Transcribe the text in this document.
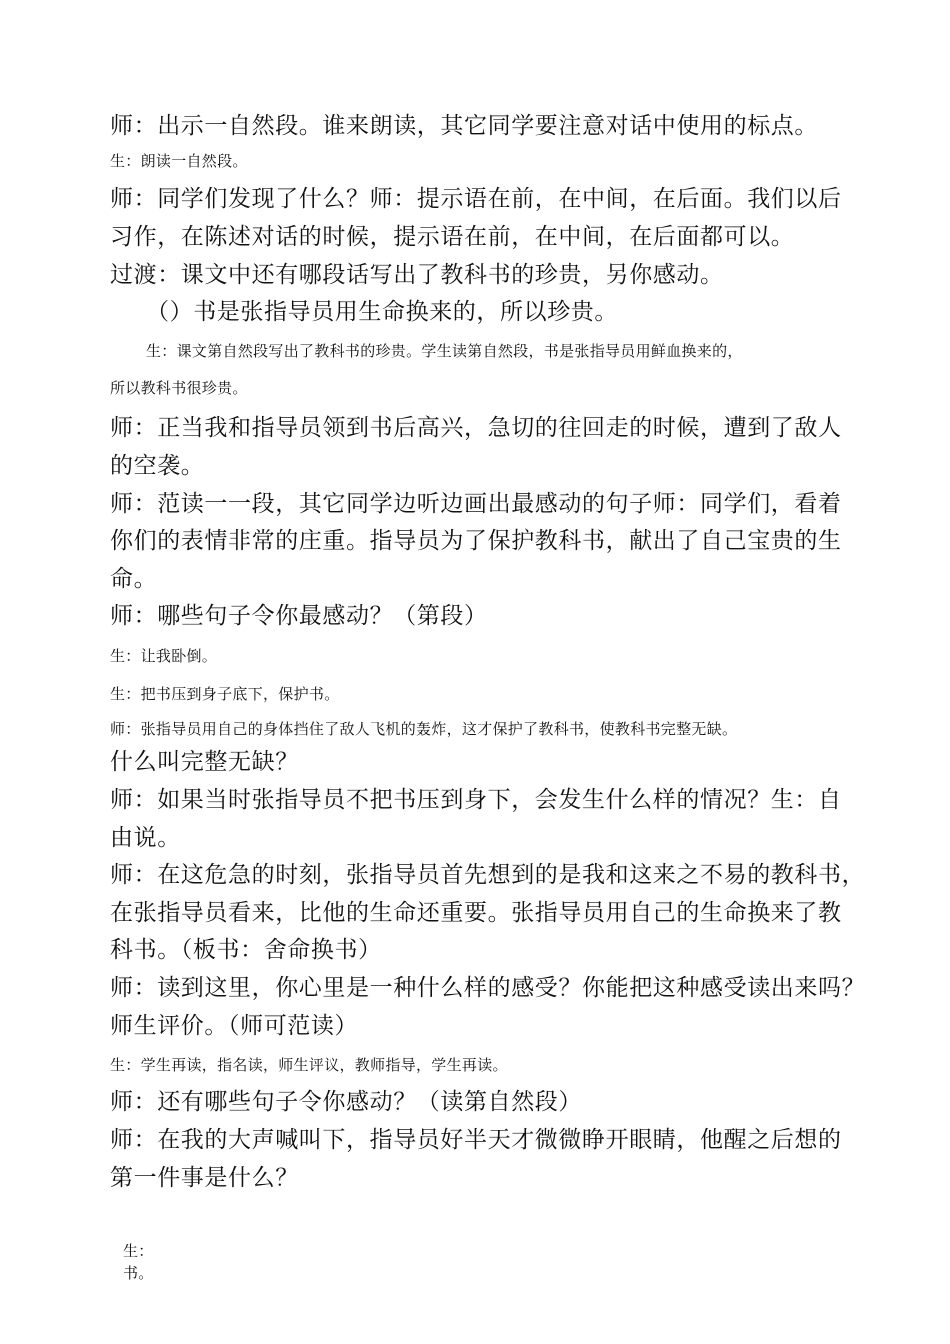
师：出示一自然段。谁来朗读，其它同学要注意对话中使用的标点。

生：朗读一自然段。

师：同学们发现了什么？师：提示语在前，在中间，在后面。我们以后

习作，在陈述对话的时候，提示语在前，在中间，在后面都可以。

过渡：课文中还有哪段话写出了教科书的珍贵，另你感动。

（）书是张指导员用生命换来的，所以珍贵。

生：课文第自然段写出了教科书的珍贵。学生读第自然段，书是张指导员用鲜血换来的，

所以教科书很珍贵。

师：正当我和指导员领到书后高兴，急切的往回走的时候，遭到了敌人

的空袭。

师：范读一一段，其它同学边听边画出最感动的句子师：同学们，看着

你们的表情非常的庄重。指导员为了保护教科书，献出了自己宝贵的生

命。

师：哪些句子令你最感动？（第段）

生：让我卧倒。

生：把书压到身子底下，保护书。

师：张指导员用自己的身体挡住了敌人飞机的轰炸，这才保护了教科书，使教科书完整无缺。

什么叫完整无缺？

师：如果当时张指导员不把书压到身下，会发生什么样的情况？生：自

由说。

师：在这危急的时刻，张指导员首先想到的是我和这来之不易的教科书，

在张指导员看来，比他的生命还重要。张指导员用自己的生命换来了教

科书。（板书：舍命换书）

师：读到这里，你心里是一种什么样的感受？你能把这种感受读出来吗？

师生评价。（师可范读）

生：学生再读，指名读，师生评议，教师指导，学生再读。

师：还有哪些句子令你感动？（读第自然段）

师：在我的大声喊叫下，指导员好半天才微微睁开眼睛，他醒之后想的

第一件事是什么？

生：

书。
